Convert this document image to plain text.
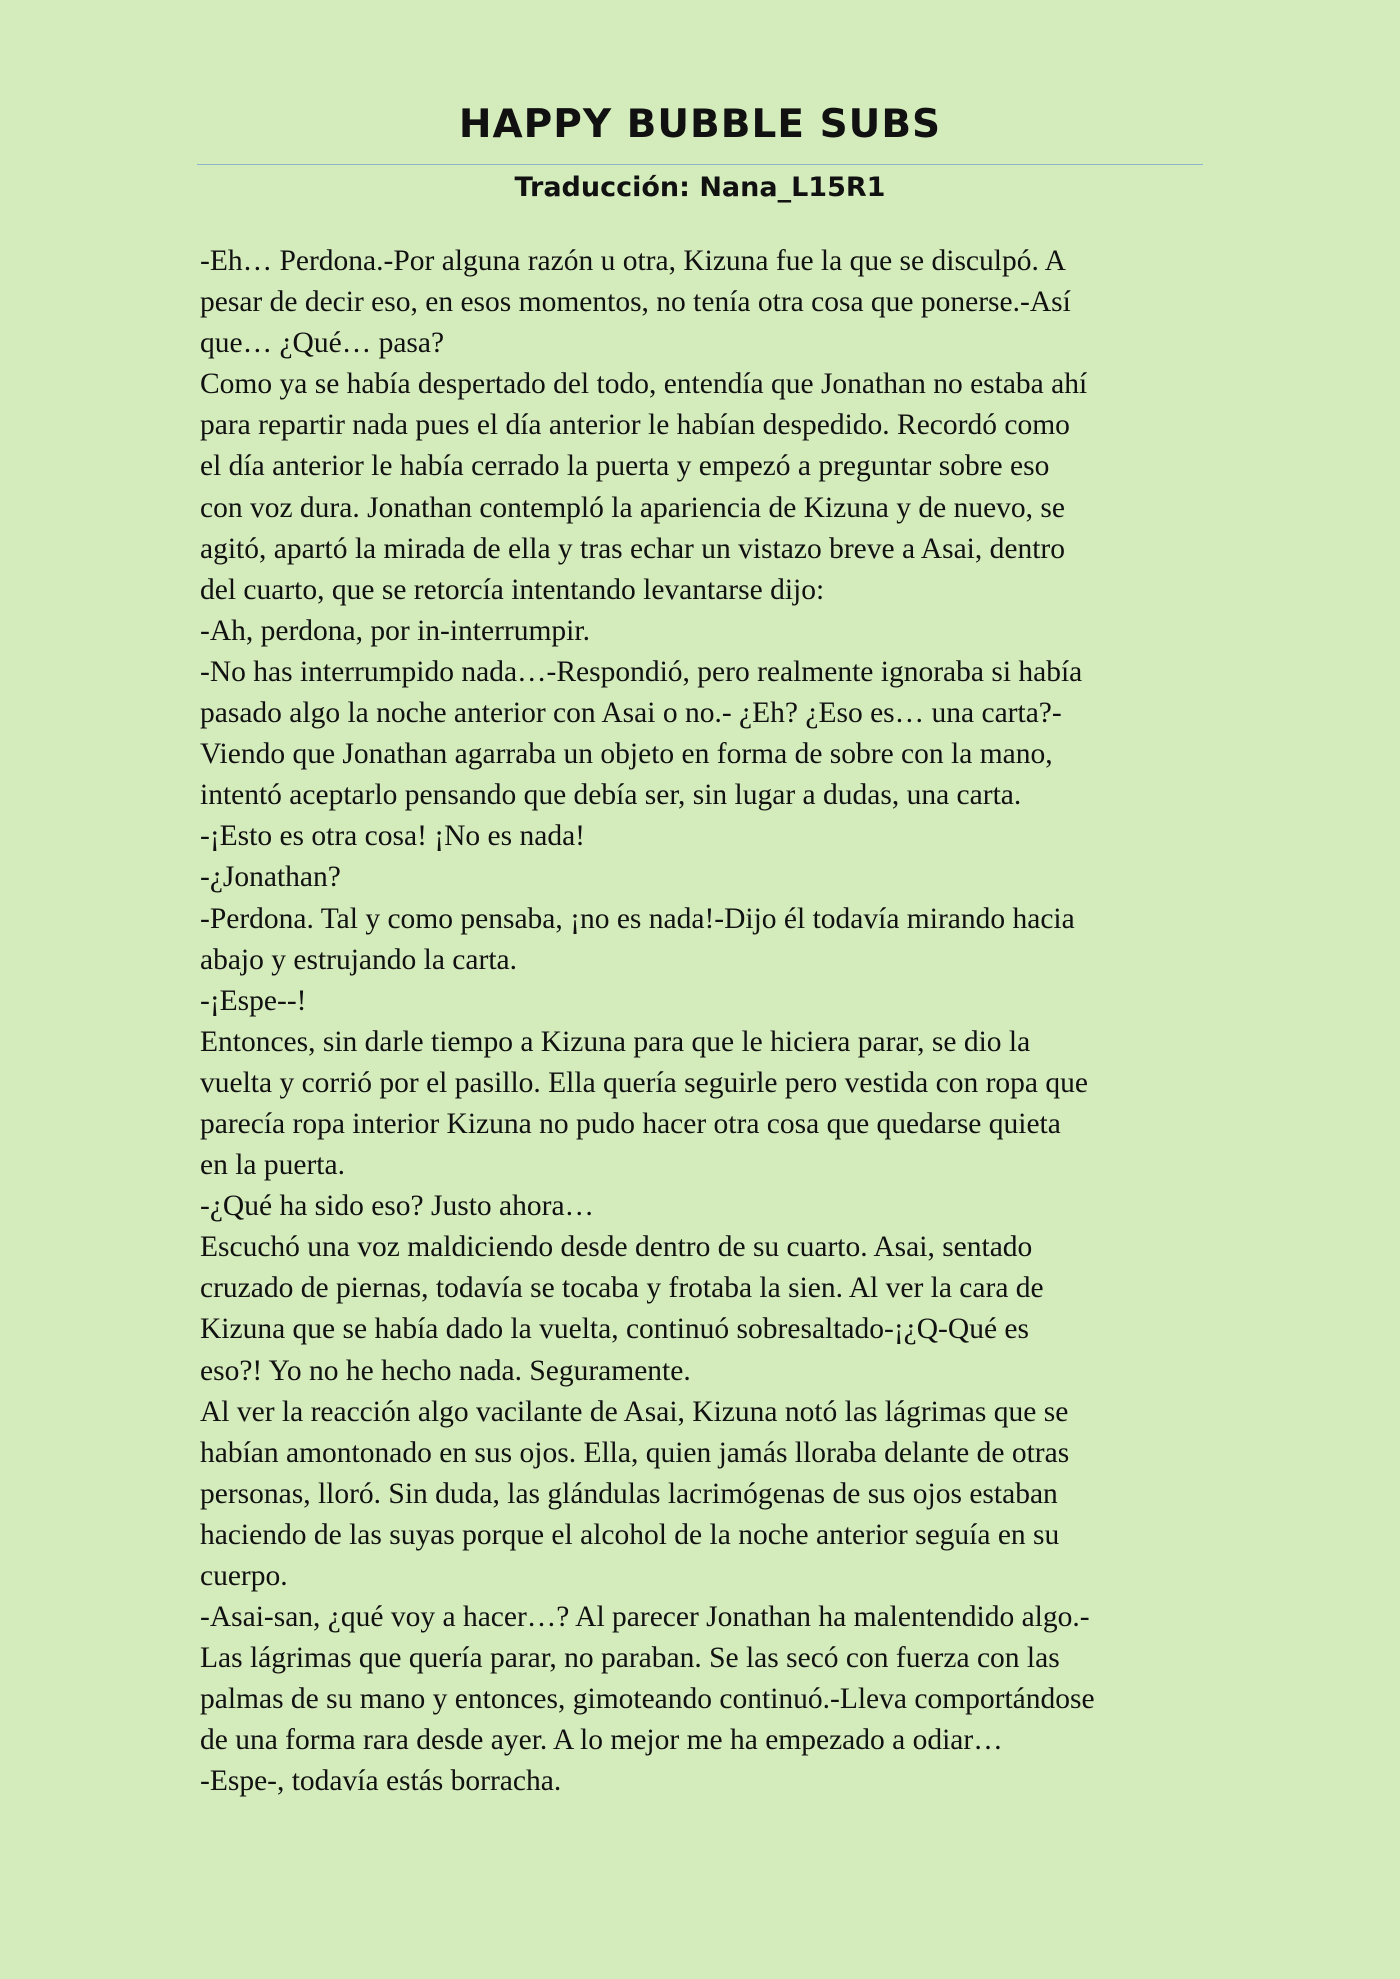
HAPPY BUBBLE SUBS
Traducción: Nana_L15R1

-Eh… Perdona.-Por alguna razón u otra, Kizuna fue la que se disculpó. A

pesar de decir eso, en esos momentos, no tenía otra cosa que ponerse.-Así

que… ¿Qué… pasa?

Como ya se había despertado del todo, entendía que Jonathan no estaba ahí

para repartir nada pues el día anterior le habían despedido. Recordó como

el día anterior le había cerrado la puerta y empezó a preguntar sobre eso

con voz dura. Jonathan contempló la apariencia de Kizuna y de nuevo, se

agitó, apartó la mirada de ella y tras echar un vistazo breve a Asai, dentro

del cuarto, que se retorcía intentando levantarse dijo:

-Ah, perdona, por in-interrumpir.

-No has interrumpido nada…-Respondió, pero realmente ignoraba si había

pasado algo la noche anterior con Asai o no.- ¿Eh? ¿Eso es… una carta?-

Viendo que Jonathan agarraba un objeto en forma de sobre con la mano,

intentó aceptarlo pensando que debía ser, sin lugar a dudas, una carta.

-¡Esto es otra cosa! ¡No es nada!

-¿Jonathan?

-Perdona. Tal y como pensaba, ¡no es nada!-Dijo él todavía mirando hacia

abajo y estrujando la carta.

-¡Espe--!

Entonces, sin darle tiempo a Kizuna para que le hiciera parar, se dio la

vuelta y corrió por el pasillo. Ella quería seguirle pero vestida con ropa que

parecía ropa interior Kizuna no pudo hacer otra cosa que quedarse quieta

en la puerta.

-¿Qué ha sido eso? Justo ahora…

Escuchó una voz maldiciendo desde dentro de su cuarto. Asai, sentado

cruzado de piernas, todavía se tocaba y frotaba la sien. Al ver la cara de

Kizuna que se había dado la vuelta, continuó sobresaltado-¡¿Q-Qué es

eso?! Yo no he hecho nada. Seguramente.

Al ver la reacción algo vacilante de Asai, Kizuna notó las lágrimas que se

habían amontonado en sus ojos. Ella, quien jamás lloraba delante de otras

personas, lloró. Sin duda, las glándulas lacrimógenas de sus ojos estaban

haciendo de las suyas porque el alcohol de la noche anterior seguía en su

cuerpo.

-Asai-san, ¿qué voy a hacer…? Al parecer Jonathan ha malentendido algo.-

Las lágrimas que quería parar, no paraban. Se las secó con fuerza con las

palmas de su mano y entonces, gimoteando continuó.-Lleva comportándose

de una forma rara desde ayer. A lo mejor me ha empezado a odiar…

-Espe-, todavía estás borracha.
